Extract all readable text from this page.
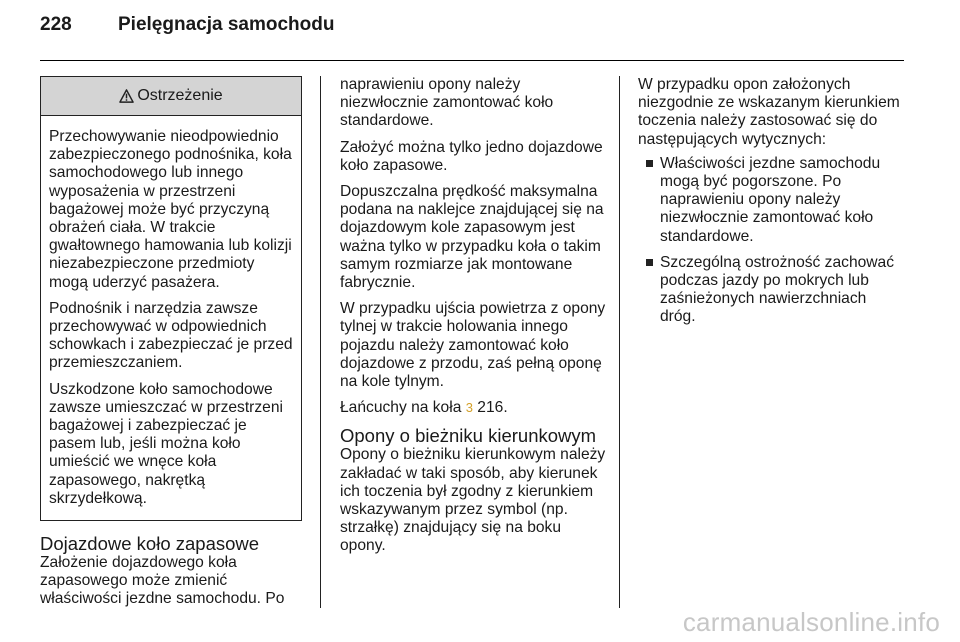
228	Pielęgnacja samochodu
Ostrzeżenie

Przechowywanie nieodpowiednio zabezpieczonego podnośnika, koła samochodowego lub innego wyposażenia w przestrzeni bagażowej może być przyczyną obrażeń ciała. W trakcie gwałtownego hamowania lub kolizji niezabezpieczone przedmioty mogą uderzyć pasażera.

Podnośnik i narzędzia zawsze przechowywać w odpowiednich schowkach i zabezpieczać je przed przemieszczaniem.

Uszkodzone koło samochodowe zawsze umieszczać w przestrzeni bagażowej i zabezpieczać je pasem lub, jeśli można koło umieścić we wnęce koła zapasowego, nakrętką skrzydełkową.

Dojazdowe koło zapasowe

Założenie dojazdowego koła zapasowego może zmienić właściwości jezdne samochodu. Po

naprawieniu opony należy niezwłocznie zamontować koło standardowe.

Założyć można tylko jedno dojazdowe koło zapasowe.

Dopuszczalna prędkość maksymalna podana na naklejce znajdującej się na dojazdowym kole zapasowym jest ważna tylko w przypadku koła o takim samym rozmiarze jak montowane fabrycznie.

W przypadku ujścia powietrza z opony tylnej w trakcie holowania innego pojazdu należy zamontować koło dojazdowe z przodu, zaś pełną oponę na kole tylnym.

Łańcuchy na koła 3 216.

Opony o bieżniku kierunkowym

Opony o bieżniku kierunkowym należy zakładać w taki sposób, aby kierunek ich toczenia był zgodny z kierunkiem wskazywanym przez symbol (np. strzałkę) znajdujący się na boku opony.

W przypadku opon założonych niezgodnie ze wskazanym kierunkiem toczenia należy zastosować się do następujących wytycznych:

Właściwości jezdne samochodu mogą być pogorszone. Po naprawieniu opony należy niezwłocznie zamontować koło standardowe.
Szczególną ostrożność zachować podczas jazdy po mokrych lub zaśnieżonych nawierzchniach dróg.
carmanualsonline.info
